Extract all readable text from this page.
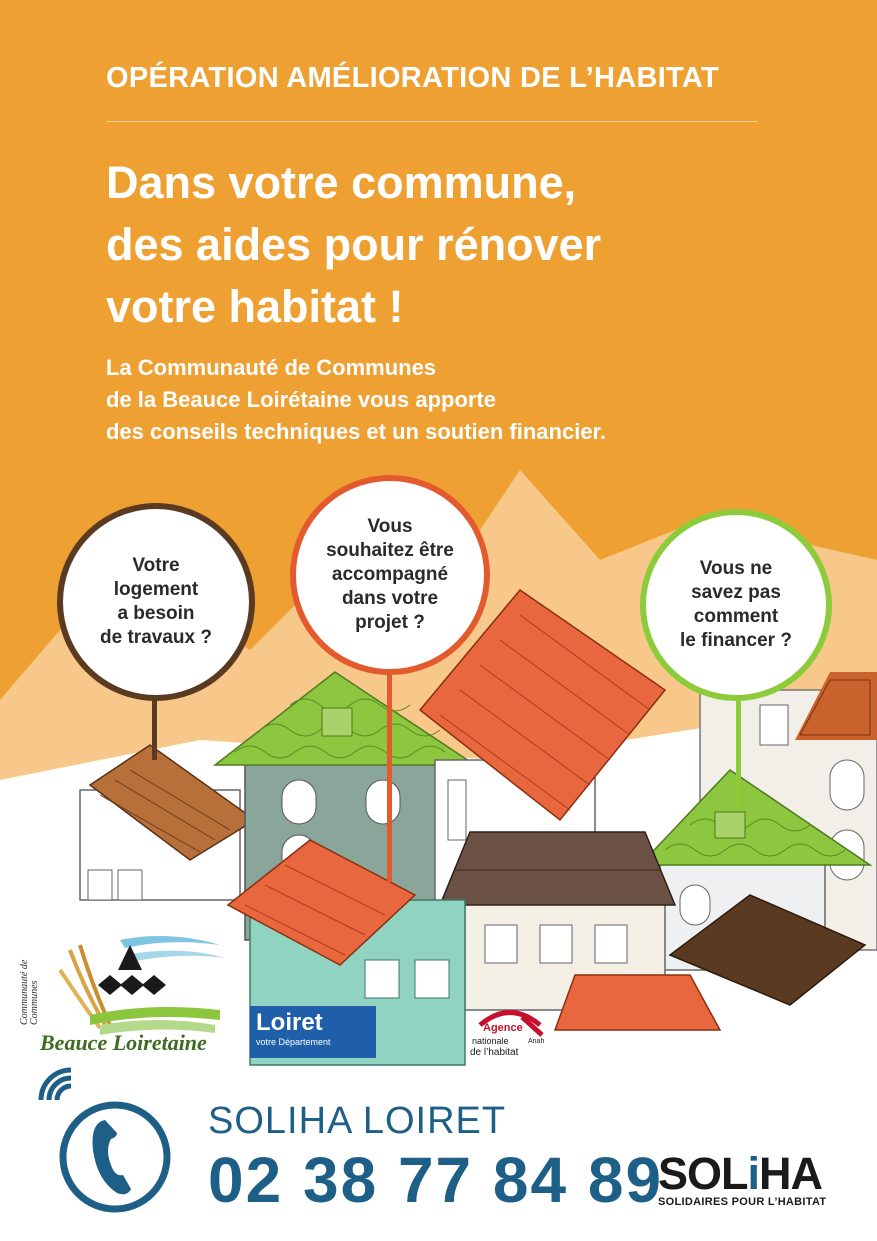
OPÉRATION AMÉLIORATION DE L’HABITAT
Dans votre commune,
des aides pour rénover
votre habitat !
La Communauté de Communes
de la Beauce Loirétaine vous apporte
des conseils techniques et un soutien financier.
Votre
logement
a besoin
de travaux ?
Vous
souhaitez être
accompagné
dans votre
projet ?
Vous ne
savez pas
comment
le financer ?
Communauté de Communes
Beauce Loiretaine
Loiret
votre Département
Agence
nationale
de l’habitat
Anah
SOLIHA LOIRET
02 38 77 84 89
SOLiHA
SOLIDAIRES POUR L’HABITAT
